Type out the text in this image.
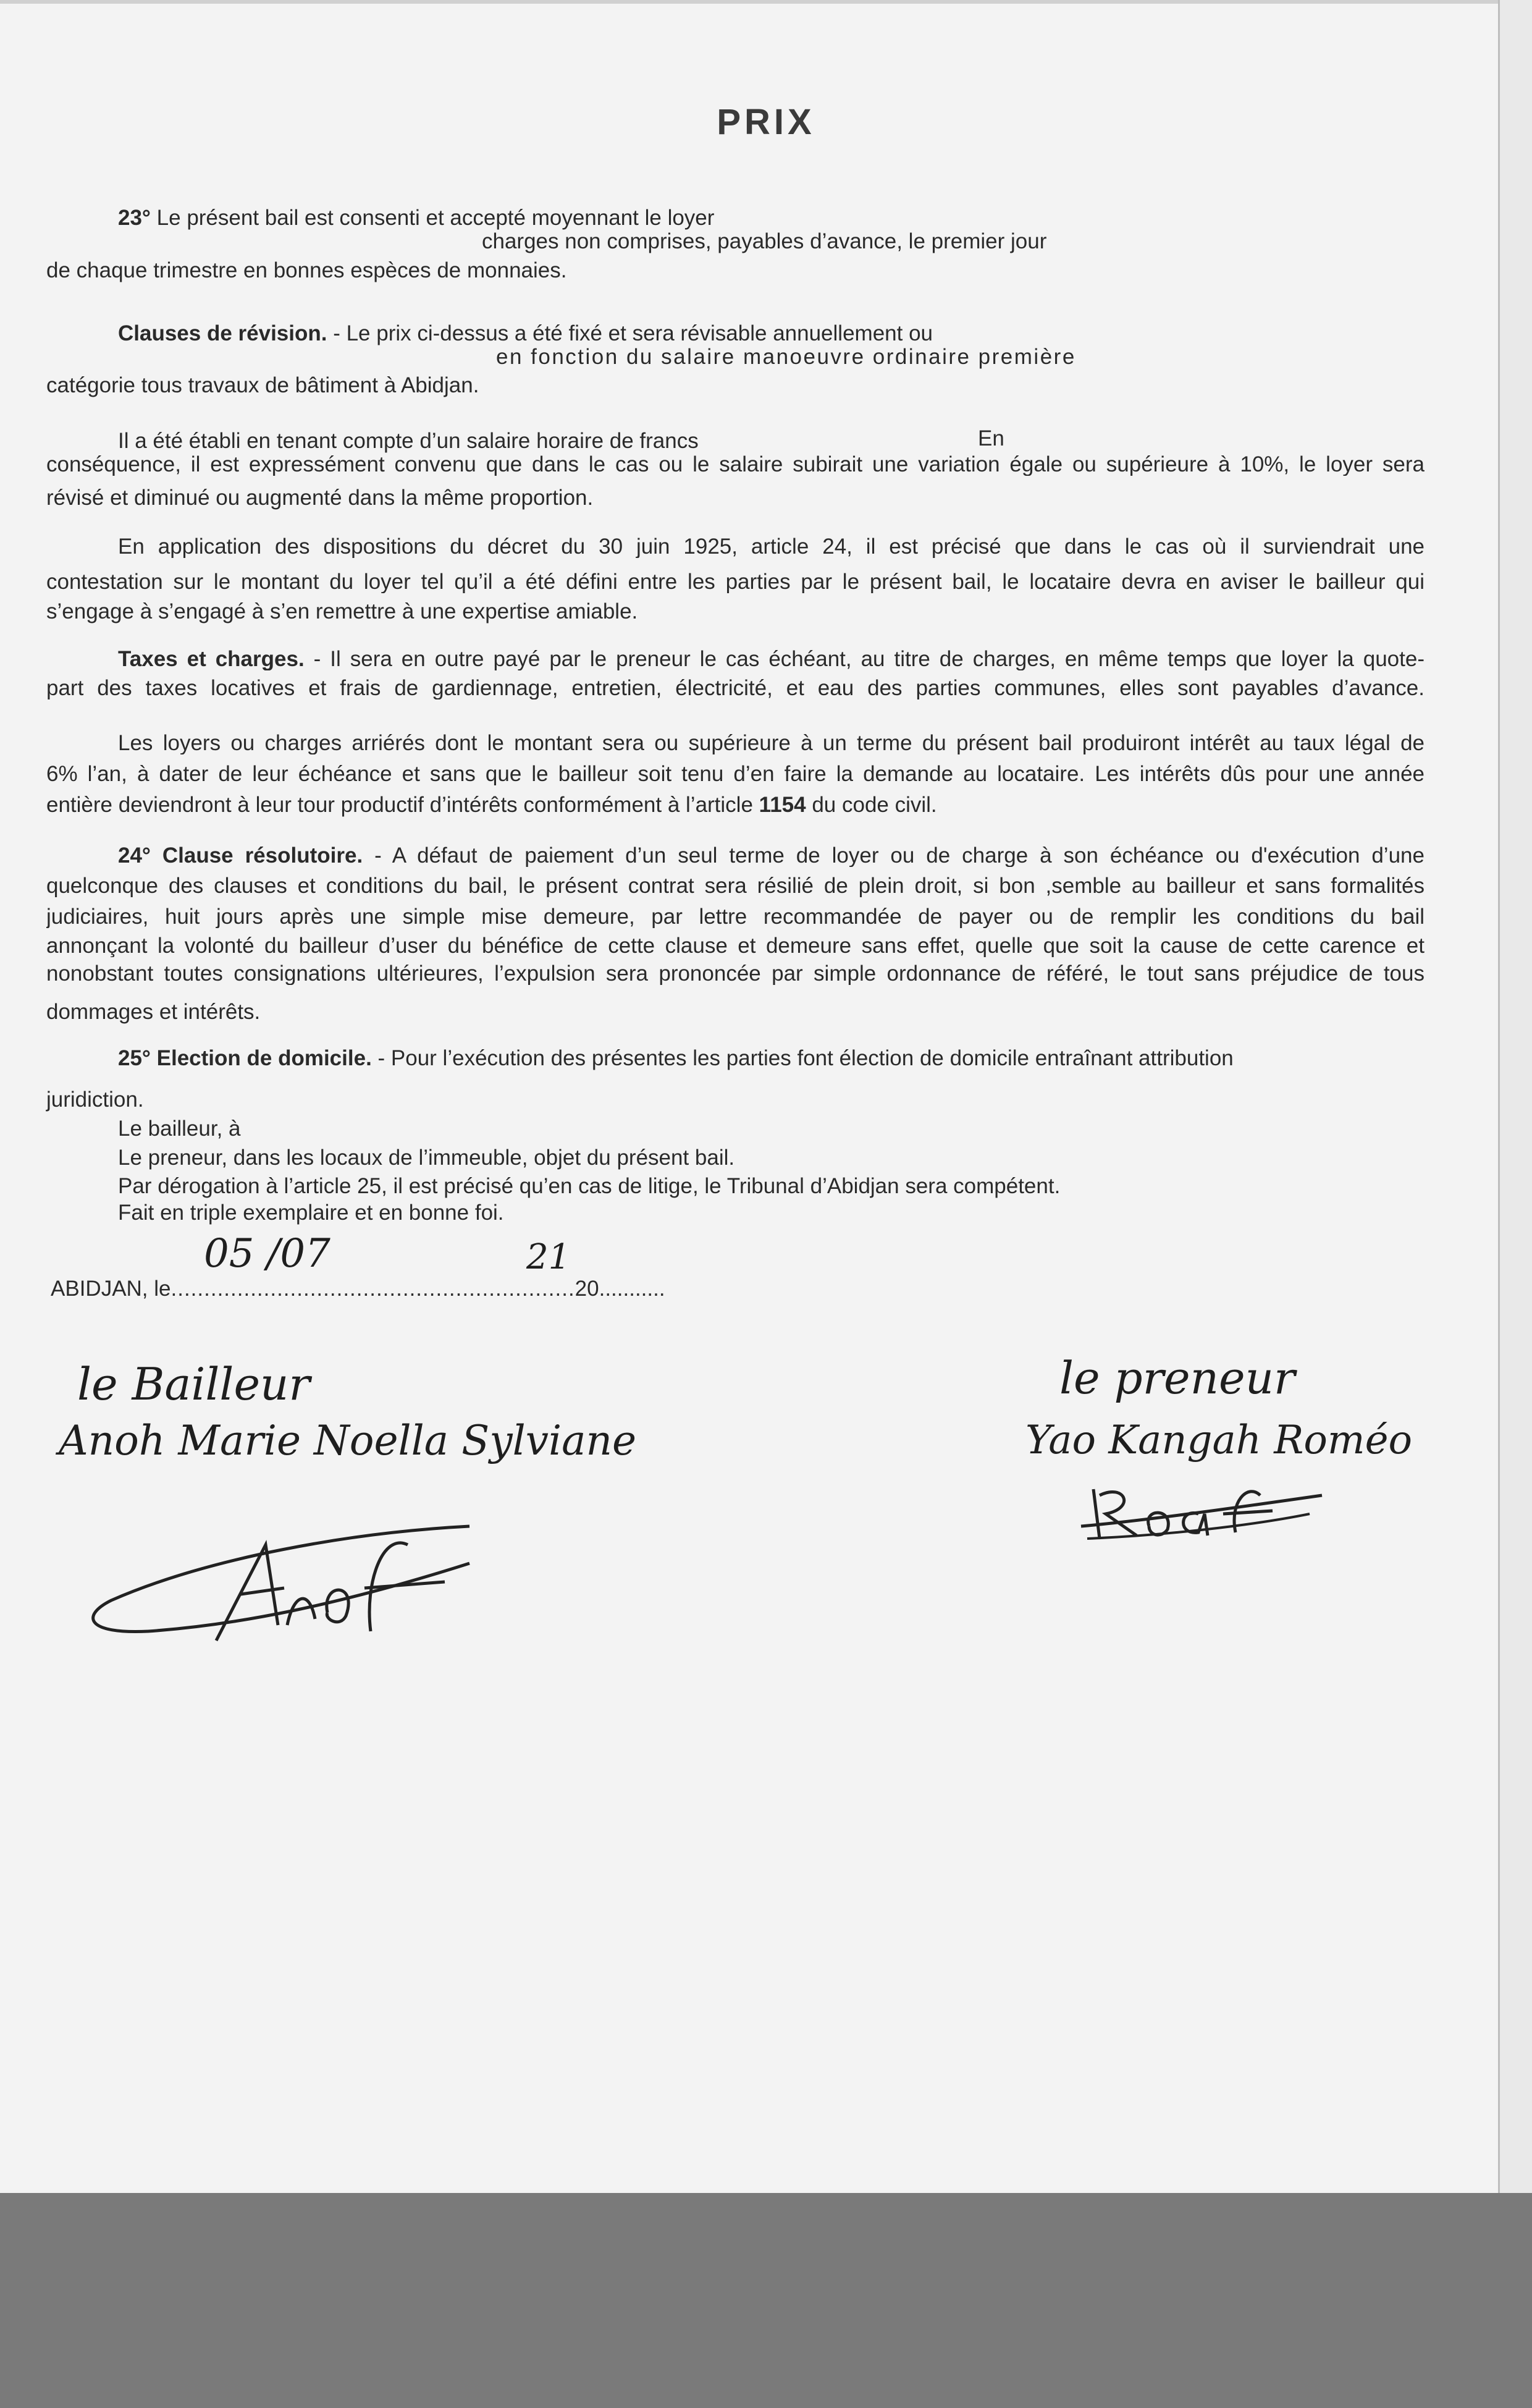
PRIX
23° Le présent bail est consenti et accepté moyennant le loyer
charges non comprises, payables d’avance, le premier jour
de chaque trimestre en bonnes espèces de monnaies.
Clauses de révision. - Le prix ci-dessus a été fixé et sera révisable annuellement ou
en fonction du salaire manoeuvre ordinaire première
catégorie tous travaux de bâtiment à Abidjan.
Il a été établi en tenant compte d’un salaire horaire de francs	En
conséquence, il est expressément convenu que dans le cas ou le salaire subirait une variation égale ou supérieure à 10%, le loyer sera
révisé et diminué ou augmenté dans la même proportion.
En application des dispositions du décret du 30 juin 1925, article 24, il est précisé que dans le cas où il surviendrait une
contestation sur le montant du loyer tel qu’il a été défini entre les parties par le présent bail, le locataire devra en aviser le bailleur qui
s’engage à s’engagé à s’en remettre à une expertise amiable.
Taxes et charges. - Il sera en outre payé par le preneur le cas échéant, au titre de charges, en même temps que loyer la quote-
part des taxes locatives et frais de gardiennage, entretien, électricité, et eau des parties communes, elles sont payables d’avance.
Les loyers ou charges arriérés dont le montant sera ou supérieure à un terme du présent bail produiront intérêt au taux légal de
6% l’an, à dater de leur échéance et sans que le bailleur soit tenu d’en faire la demande au locataire. Les intérêts dûs pour une année
entière deviendront à leur tour productif d’intérêts conformément à l’article 1154 du code civil.
24° Clause résolutoire. - A défaut de paiement d’un seul terme de loyer ou de charge à son échéance ou d'exécution d’une
quelconque des clauses et conditions du bail, le présent contrat sera résilié de plein droit, si bon ,semble au bailleur et sans formalités
judiciaires, huit jours après une simple mise demeure, par lettre recommandée de payer ou de remplir les conditions du bail
annonçant la volonté du bailleur d’user du bénéfice de cette clause et demeure sans effet, quelle que soit la cause de cette carence et
nonobstant toutes consignations ultérieures, l’expulsion sera prononcée par simple ordonnance de référé, le tout sans préjudice de tous
dommages et intérêts.
25° Election de domicile. - Pour l’exécution des présentes les parties font élection de domicile entraînant attribution
juridiction.
Le bailleur, à
Le preneur, dans les locaux de l’immeuble, objet du présent bail.
Par dérogation à l’article 25, il est précisé qu’en cas de litige, le Tribunal d’Abidjan sera compétent.
Fait en triple exemplaire et en bonne foi.
ABIDJAN, le.............................................................20...........
05 /07	21
le Bailleur
Anoh Marie Noella Sylviane
le preneur
Yao Kangah Roméo
